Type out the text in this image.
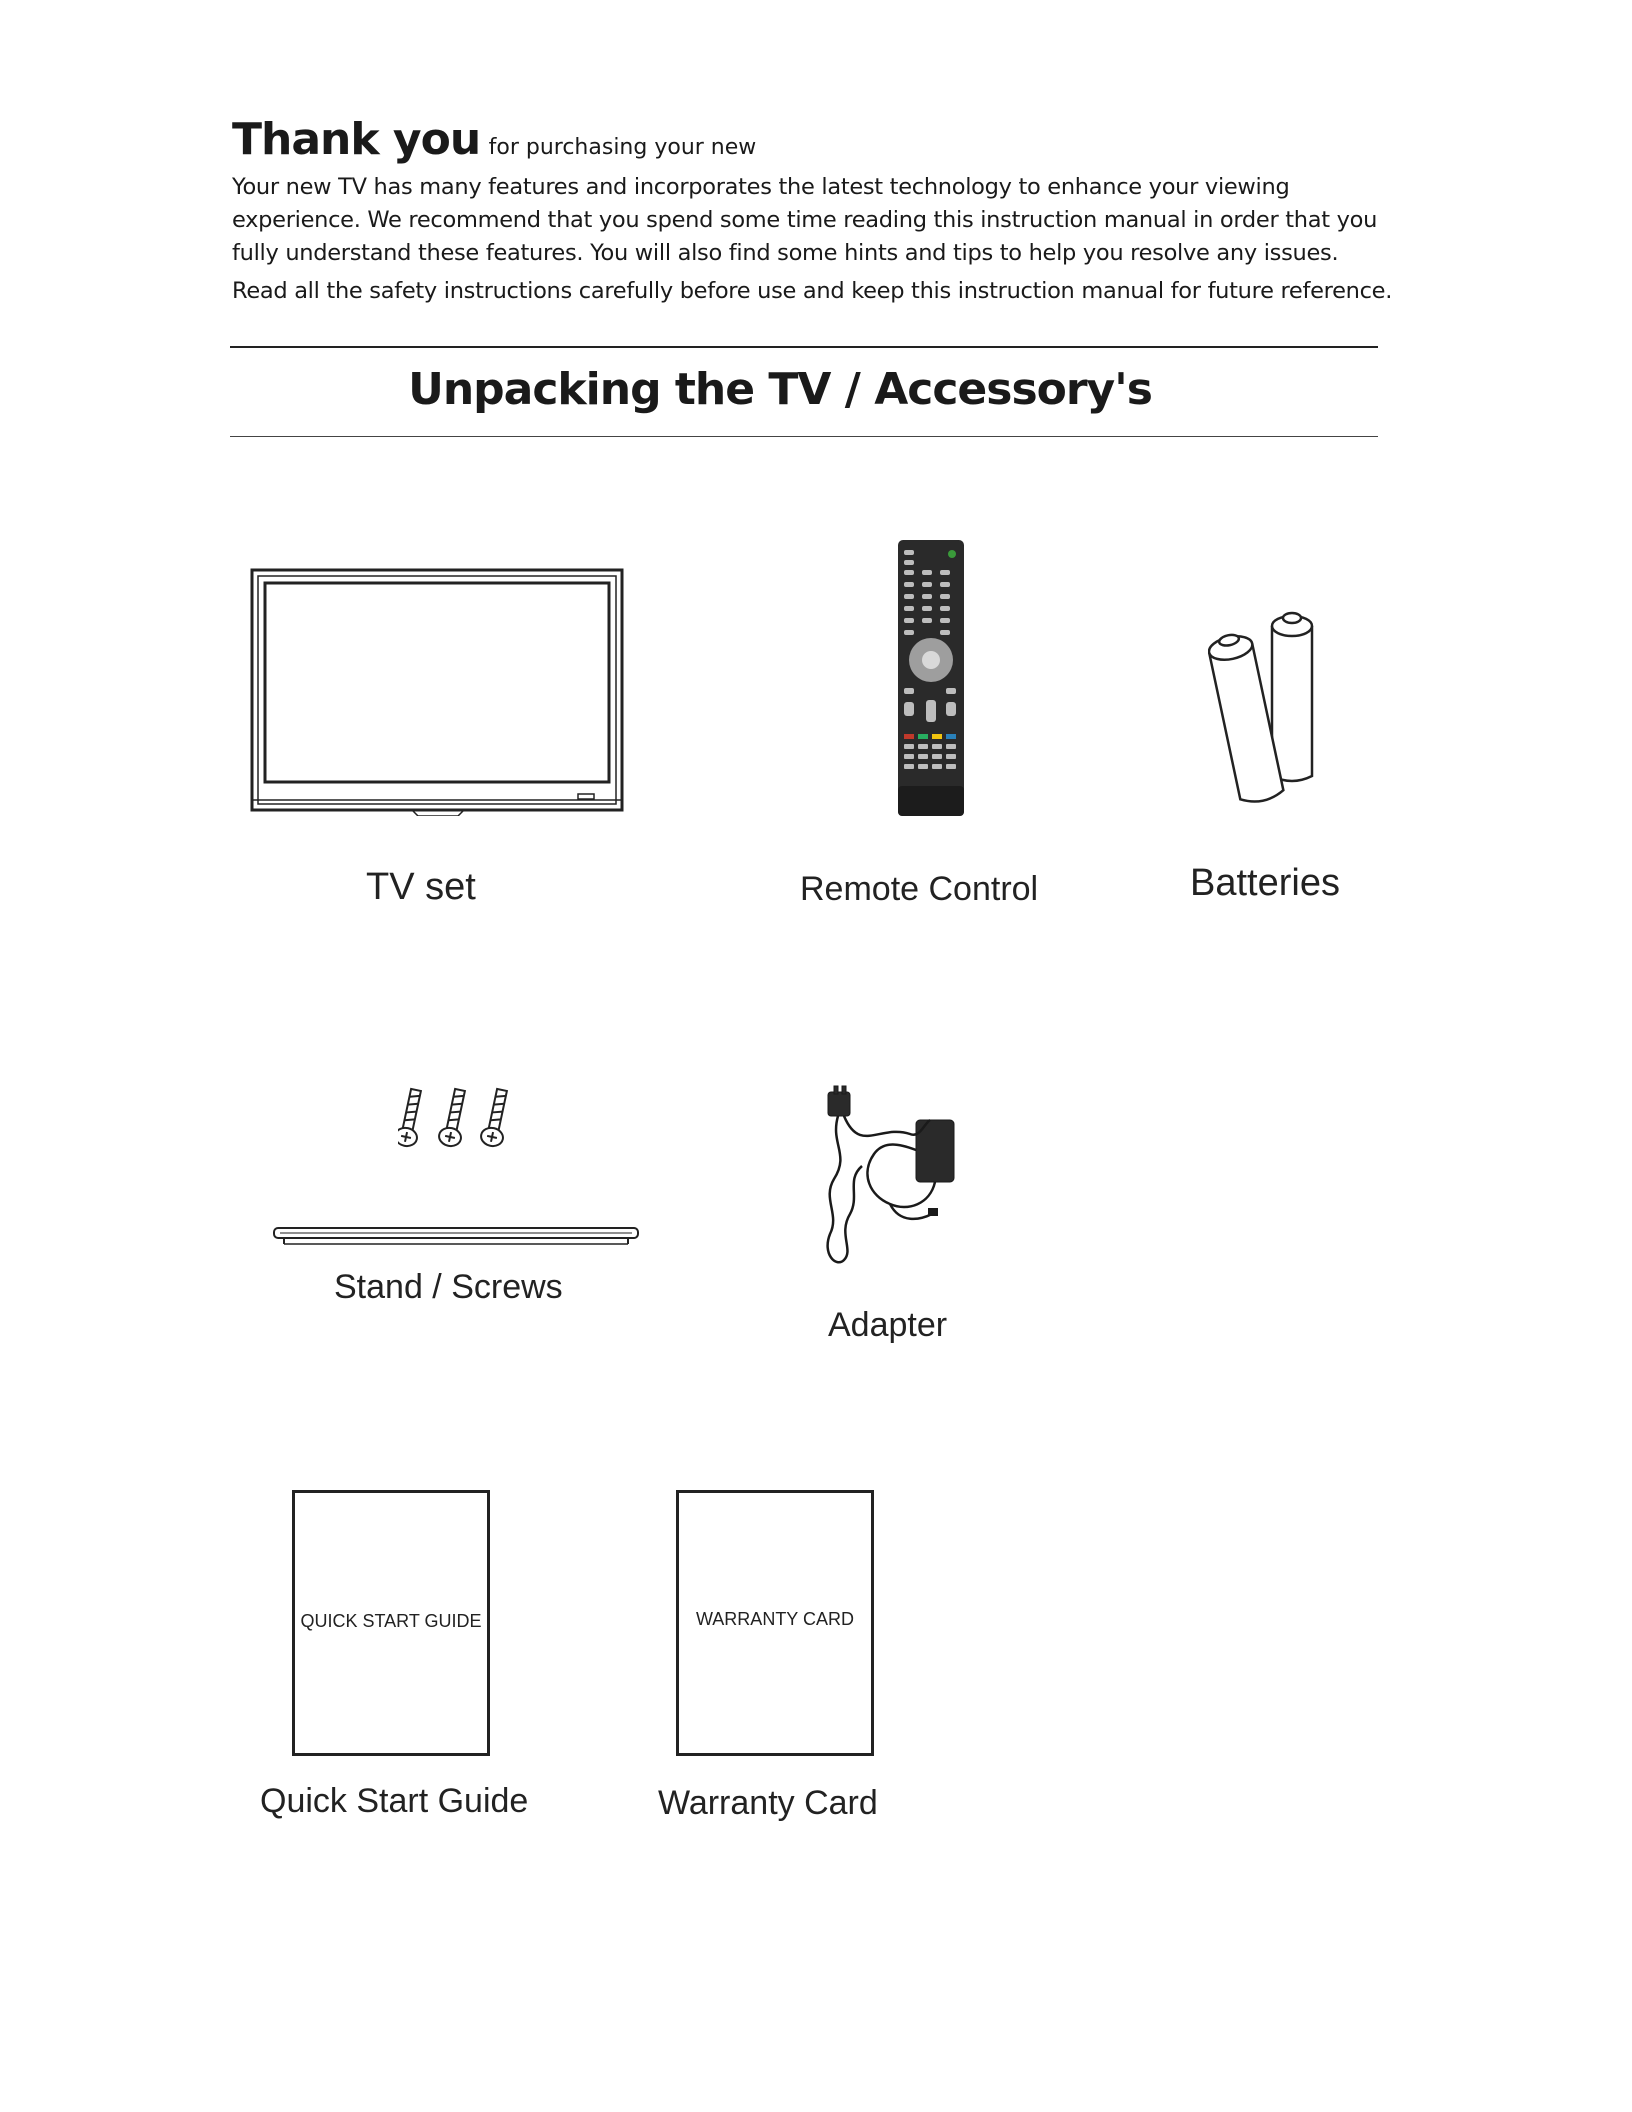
Thank you for purchasing your new
Your new TV has many features and incorporates the latest technology to enhance your viewing
experience. We recommend that you spend some time reading this instruction manual in order that you
fully understand these features. You will also find some hints and tips to help you resolve any issues.
Read all the safety instructions carefully before use and keep this instruction manual for future reference.
Unpacking the TV / Accessory's
TV set	Remote Control	Batteries
Stand / Screws
Adapter
QUICK START GUIDE
Quick Start Guide
WARRANTY CARD
Warranty Card
